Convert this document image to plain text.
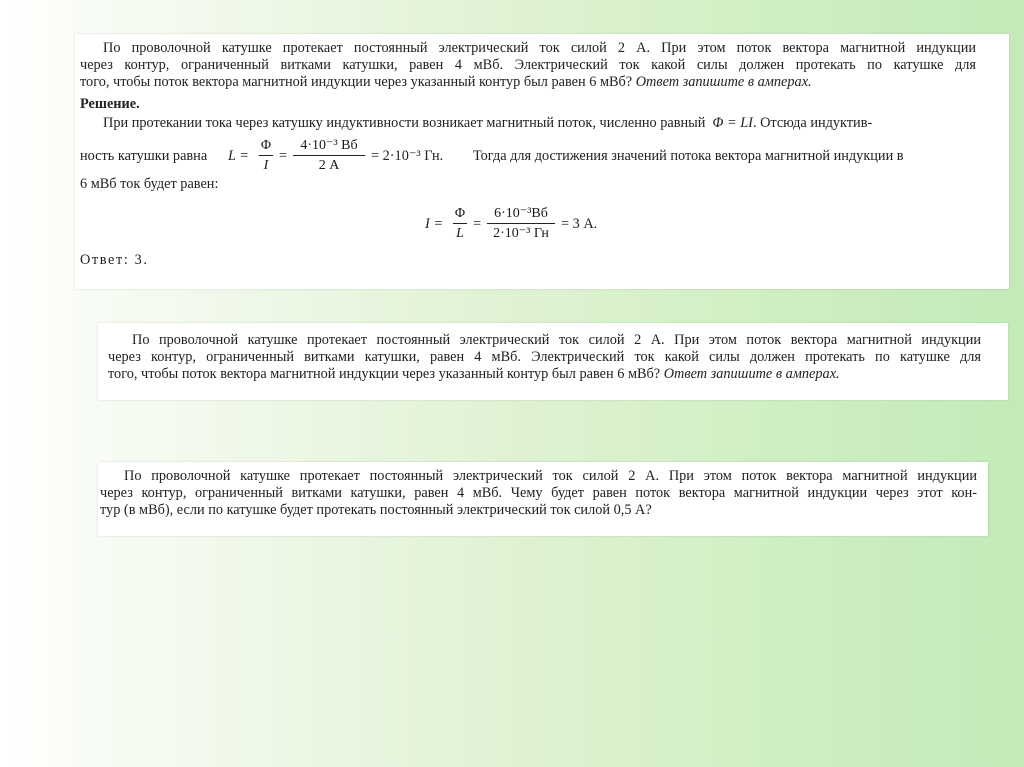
По проволочной катушке протекает постоянный электрический ток силой 2 А. При этом поток вектора магнитной индукции
через контур, ограниченный витками катушки, равен 4 мВб. Электрический ток какой силы должен протекать по катушке для
того, чтобы поток вектора магнитной индукции через указанный контур был равен 6 мВб? Ответ запишите в амперах.
Решение.
При протекании тока через катушку индуктивности возникает магнитный поток, численно равный Φ = LI. Отсюда индуктив-
ность катушки равна L =
Φ
I
=
4·10⁻³ Вб
2 А
= 2·10⁻³ Гн. Тогда для достижения значений потока вектора магнитной индукции в
6 мВб ток будет равен:
I =
Φ
L
=
6·10⁻³Вб
2·10⁻³ Гн
= 3 А.
Ответ: 3.
По проволочной катушке протекает постоянный электрический ток силой 2 А. При этом поток вектора магнитной индукции
через контур, ограниченный витками катушки, равен 4 мВб. Электрический ток какой силы должен протекать по катушке для
того, чтобы поток вектора магнитной индукции через указанный контур был равен 6 мВб? Ответ запишите в амперах.
По проволочной катушке протекает постоянный электрический ток силой 2 А. При этом поток вектора магнитной индукции
через контур, ограниченный витками катушки, равен 4 мВб. Чему будет равен поток вектора магнитной индукции через этот кон-
тур (в мВб), если по катушке будет протекать постоянный электрический ток силой 0,5 А?
